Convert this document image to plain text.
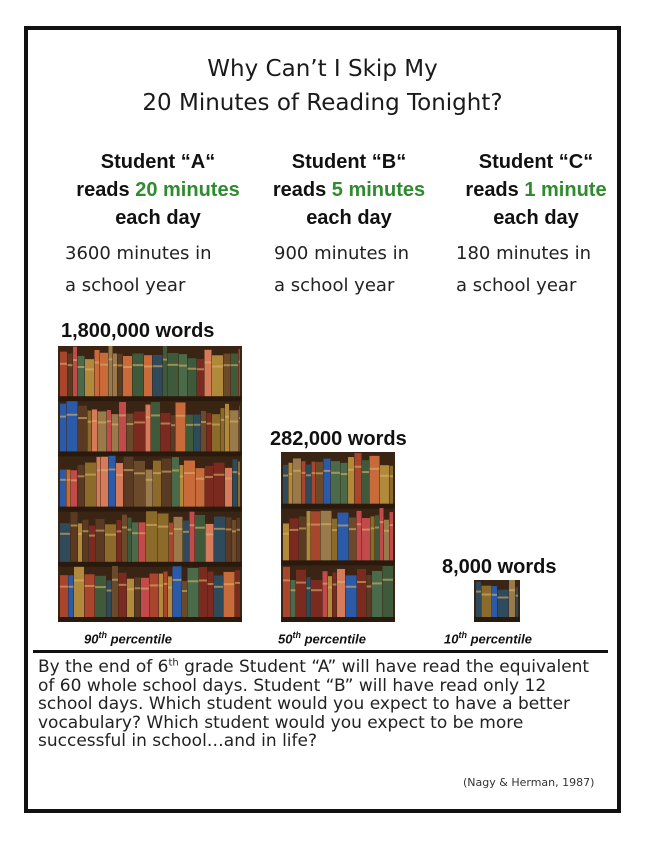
Why Can’t I Skip My
20 Minutes of Reading Tonight?
Student “A“
reads 20 minutes
each day
3600 minutes in
a school year
Student “B“
reads 5 minutes
each day
900 minutes in
a school year
Student “C“
reads 1 minute
each day
180 minutes in
a school year
1,800,000 words
282,000 words
8,000 words
90th percentile	50th percentile	10th percentile
By the end of 6th grade Student “A” will have read the equivalent of 60 whole school days. Student “B” will have read only 12 school days. Which student would you expect to have a better vocabulary? Which student would you expect to be more successful in school…and in life?
(Nagy & Herman, 1987)
